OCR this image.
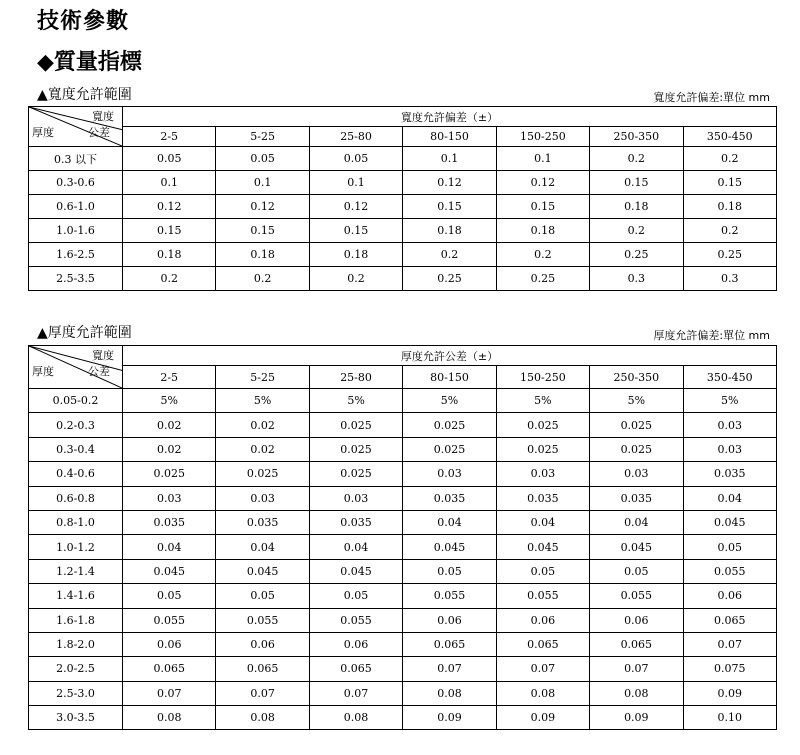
技術參數
◆質量指標
▲寬度允許範圍	寬度允許偏差:單位 mm
寬度
厚度 公差	寬度允許偏差（±）						
	2-5	5-25	25-80	80-150	150-250	250-350	350-450
0.3 以下	0.05	0.05	0.05	0.1	0.1	0.2	0.2
0.3-0.6	0.1	0.1	0.1	0.12	0.12	0.15	0.15
0.6-1.0	0.12	0.12	0.12	0.15	0.15	0.18	0.18
1.0-1.6	0.15	0.15	0.15	0.18	0.18	0.2	0.2
1.6-2.5	0.18	0.18	0.18	0.2	0.2	0.25	0.25
2.5-3.5	0.2	0.2	0.2	0.25	0.25	0.3	0.3
▲厚度允許範圍	厚度允許偏差:單位 mm
寬度
厚度 公差	厚度允許公差（±）						
	2-5	5-25	25-80	80-150	150-250	250-350	350-450
0.05-0.2	5%	5%	5%	5%	5%	5%	5%
0.2-0.3	0.02	0.02	0.025	0.025	0.025	0.025	0.03
0.3-0.4	0.02	0.02	0.025	0.025	0.025	0.025	0.03
0.4-0.6	0.025	0.025	0.025	0.03	0.03	0.03	0.035
0.6-0.8	0.03	0.03	0.03	0.035	0.035	0.035	0.04
0.8-1.0	0.035	0.035	0.035	0.04	0.04	0.04	0.045
1.0-1.2	0.04	0.04	0.04	0.045	0.045	0.045	0.05
1.2-1.4	0.045	0.045	0.045	0.05	0.05	0.05	0.055
1.4-1.6	0.05	0.05	0.05	0.055	0.055	0.055	0.06
1.6-1.8	0.055	0.055	0.055	0.06	0.06	0.06	0.065
1.8-2.0	0.06	0.06	0.06	0.065	0.065	0.065	0.07
2.0-2.5	0.065	0.065	0.065	0.07	0.07	0.07	0.075
2.5-3.0	0.07	0.07	0.07	0.08	0.08	0.08	0.09
3.0-3.5	0.08	0.08	0.08	0.09	0.09	0.09	0.10
